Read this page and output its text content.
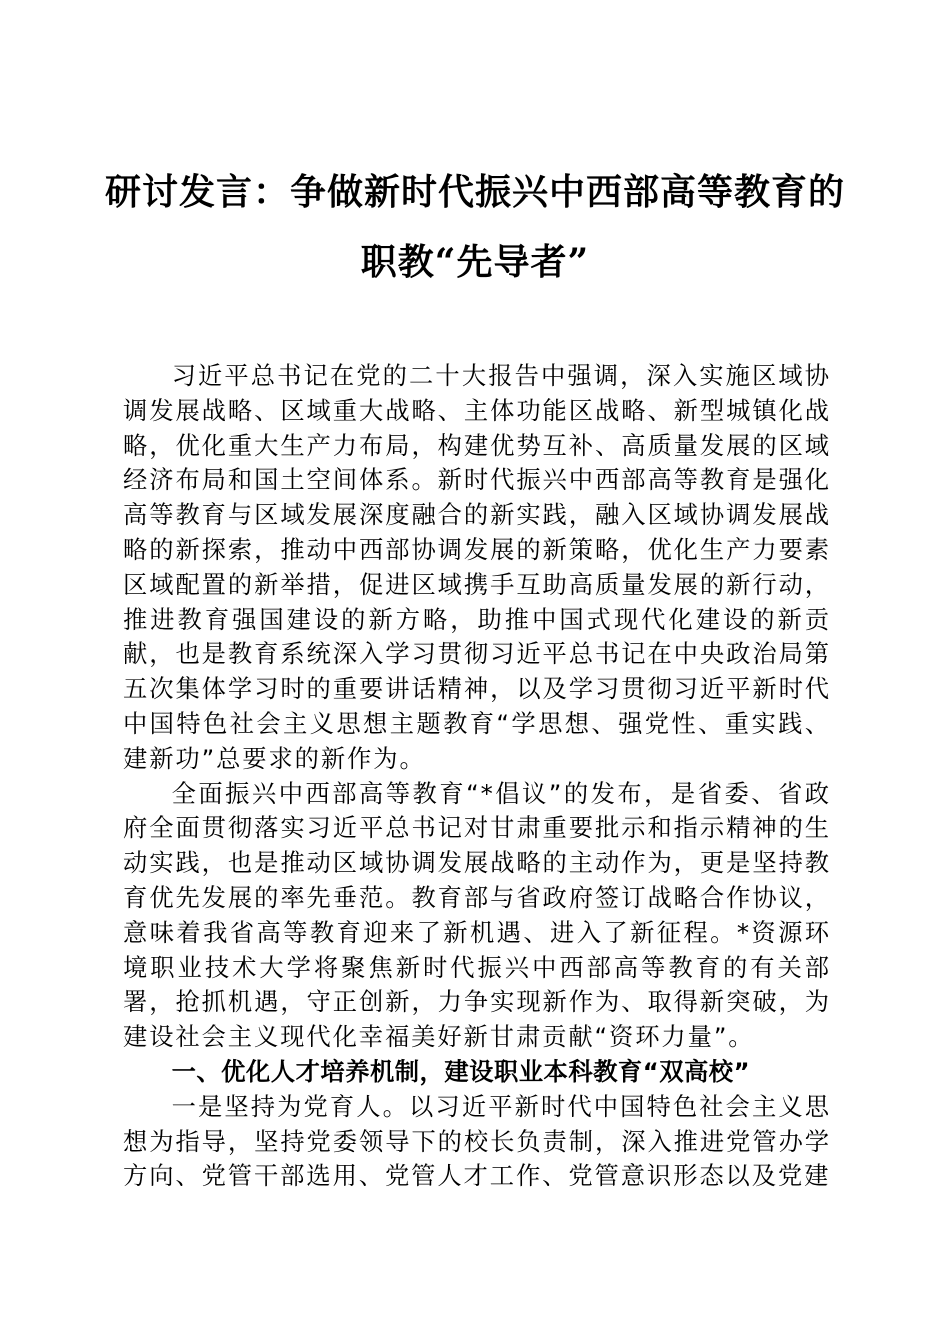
研讨发言：争做新时代振兴中西部高等教育的
职教“先导者”

习近平总书记在党的二十大报告中强调，深入实施区域协调发展战略、区域重大战略、主体功能区战略、新型城镇化战略，优化重大生产力布局，构建优势互补、高质量发展的区域经济布局和国土空间体系。新时代振兴中西部高等教育是强化高等教育与区域发展深度融合的新实践，融入区域协调发展战略的新探索，推动中西部协调发展的新策略，优化生产力要素区域配置的新举措，促进区域携手互助高质量发展的新行动，推进教育强国建设的新方略，助推中国式现代化建设的新贡献，也是教育系统深入学习贯彻习近平总书记在中央政治局第五次集体学习时的重要讲话精神，以及学习贯彻习近平新时代中国特色社会主义思想主题教育“学思想、强党性、重实践、建新功”总要求的新作为。

全面振兴中西部高等教育“*倡议”的发布，是省委、省政府全面贯彻落实习近平总书记对甘肃重要批示和指示精神的生动实践，也是推动区域协调发展战略的主动作为，更是坚持教育优先发展的率先垂范。教育部与省政府签订战略合作协议，意味着我省高等教育迎来了新机遇、进入了新征程。*资源环境职业技术大学将聚焦新时代振兴中西部高等教育的有关部署，抢抓机遇，守正创新，力争实现新作为、取得新突破，为建设社会主义现代化幸福美好新甘肃贡献“资环力量”。

一、优化人才培养机制，建设职业本科教育“双高校”

一是坚持为党育人。以习近平新时代中国特色社会主义思想为指导，坚持党委领导下的校长负责制，深入推进党管办学方向、党管干部选用、党管人才工作、党管意识形态以及党建
